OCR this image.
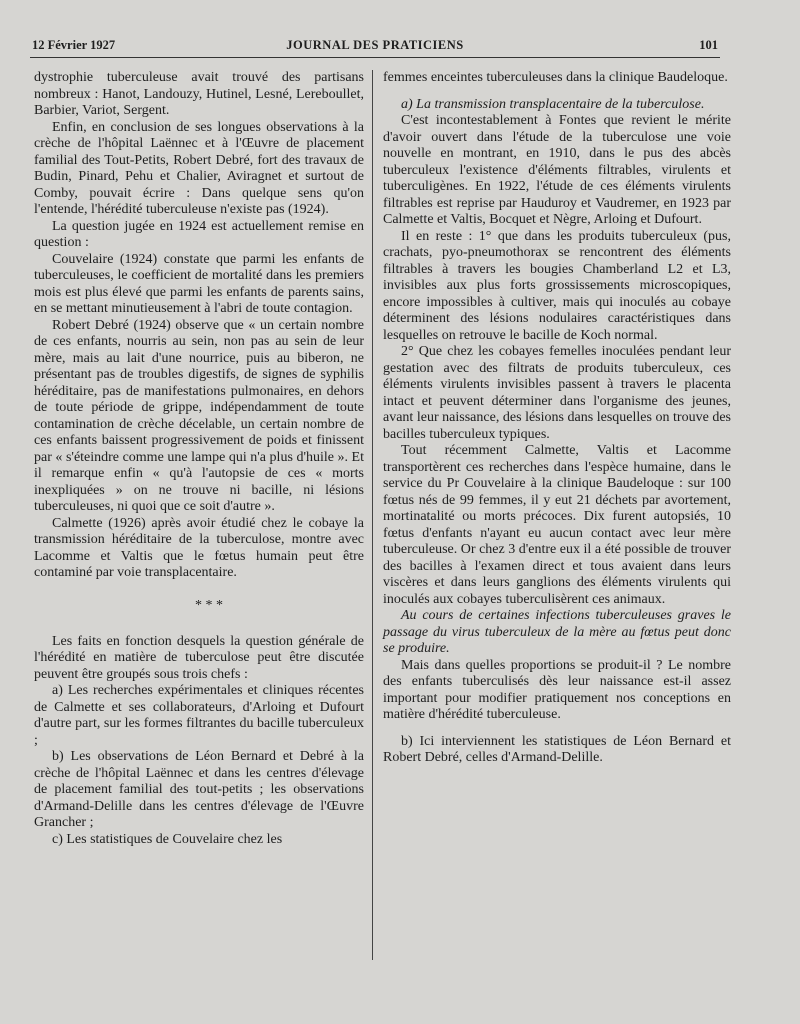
12 Février 1927	JOURNAL DES PRATICIENS	101

dystrophie tuberculeuse avait trouvé des partisans nombreux : Hanot, Landouzy, Hutinel, Lesné, Lereboullet, Barbier, Variot, Sergent.

Enfin, en conclusion de ses longues observations à la crèche de l'hôpital Laënnec et à l'Œuvre de placement familial des Tout-Petits, Robert Debré, fort des travaux de Budin, Pinard, Pehu et Chalier, Aviragnet et surtout de Comby, pouvait écrire : Dans quelque sens qu'on l'entende, l'hérédité tuberculeuse n'existe pas (1924).

La question jugée en 1924 est actuellement remise en question :

Couvelaire (1924) constate que parmi les enfants de tuberculeuses, le coefficient de mortalité dans les premiers mois est plus élevé que parmi les enfants de parents sains, en se mettant minutieusement à l'abri de toute contagion.

Robert Debré (1924) observe que « un certain nombre de ces enfants, nourris au sein, non pas au sein de leur mère, mais au lait d'une nourrice, puis au biberon, ne présentant pas de troubles digestifs, de signes de syphilis héréditaire, pas de manifestations pulmonaires, en dehors de toute période de grippe, indépendamment de toute contamination de crèche décelable, un certain nombre de ces enfants baissent progressivement de poids et finissent par « s'éteindre comme une lampe qui n'a plus d'huile ». Et il remarque enfin « qu'à l'autopsie de ces « morts inexpliquées » on ne trouve ni bacille, ni lésions tuberculeuses, ni quoi que ce soit d'autre ».

Calmette (1926) après avoir étudié chez le cobaye la transmission héréditaire de la tuberculose, montre avec Lacomme et Valtis que le fœtus humain peut être contaminé par voie transplacentaire.

* * *

Les faits en fonction desquels la question générale de l'hérédité en matière de tuberculose peut être discutée peuvent être groupés sous trois chefs :

a) Les recherches expérimentales et cliniques récentes de Calmette et ses collaborateurs, d'Arloing et Dufourt d'autre part, sur les formes filtrantes du bacille tuberculeux ;

b) Les observations de Léon Bernard et Debré à la crèche de l'hôpital Laënnec et dans les centres d'élevage de placement familial des tout-petits ; les observations d'Armand-Delille dans les centres d'élevage de l'Œuvre Grancher ;

c) Les statistiques de Couvelaire chez les

femmes enceintes tuberculeuses dans la clinique Baudeloque.

a) La transmission transplacentaire de la tuberculose.

C'est incontestablement à Fontes que revient le mérite d'avoir ouvert dans l'étude de la tuberculose une voie nouvelle en montrant, en 1910, dans le pus des abcès tuberculeux l'existence d'éléments filtrables, virulents et tuberculigènes. En 1922, l'étude de ces éléments virulents filtrables est reprise par Hauduroy et Vaudremer, en 1923 par Calmette et Valtis, Bocquet et Nègre, Arloing et Dufourt.

Il en reste : 1° que dans les produits tuberculeux (pus, crachats, pyo-pneumothorax se rencontrent des éléments filtrables à travers les bougies Chamberland L2 et L3, invisibles aux plus forts grossissements microscopiques, encore impossibles à cultiver, mais qui inoculés au cobaye déterminent des lésions nodulaires caractéristiques dans lesquelles on retrouve le bacille de Koch normal.

2° Que chez les cobayes femelles inoculées pendant leur gestation avec des filtrats de produits tuberculeux, ces éléments virulents invisibles passent à travers le placenta intact et peuvent déterminer dans l'organisme des jeunes, avant leur naissance, des lésions dans lesquelles on trouve des bacilles tuberculeux typiques.

Tout récemment Calmette, Valtis et Lacomme transportèrent ces recherches dans l'espèce humaine, dans le service du Pr Couvelaire à la clinique Baudeloque : sur 100 fœtus nés de 99 femmes, il y eut 21 déchets par avortement, mortinatalité ou morts précoces. Dix furent autopsiés, 10 fœtus d'enfants n'ayant eu aucun contact avec leur mère tuberculeuse. Or chez 3 d'entre eux il a été possible de trouver des bacilles à l'examen direct et tous avaient dans leurs viscères et dans leurs ganglions des éléments virulents qui inoculés aux cobayes tuberculisèrent ces animaux.

Au cours de certaines infections tuberculeuses graves le passage du virus tuberculeux de la mère au fœtus peut donc se produire.

Mais dans quelles proportions se produit-il ? Le nombre des enfants tuberculisés dès leur naissance est-il assez important pour modifier pratiquement nos conceptions en matière d'hérédité tuberculeuse.

b) Ici interviennent les statistiques de Léon Bernard et Robert Debré, celles d'Armand-Delille.
